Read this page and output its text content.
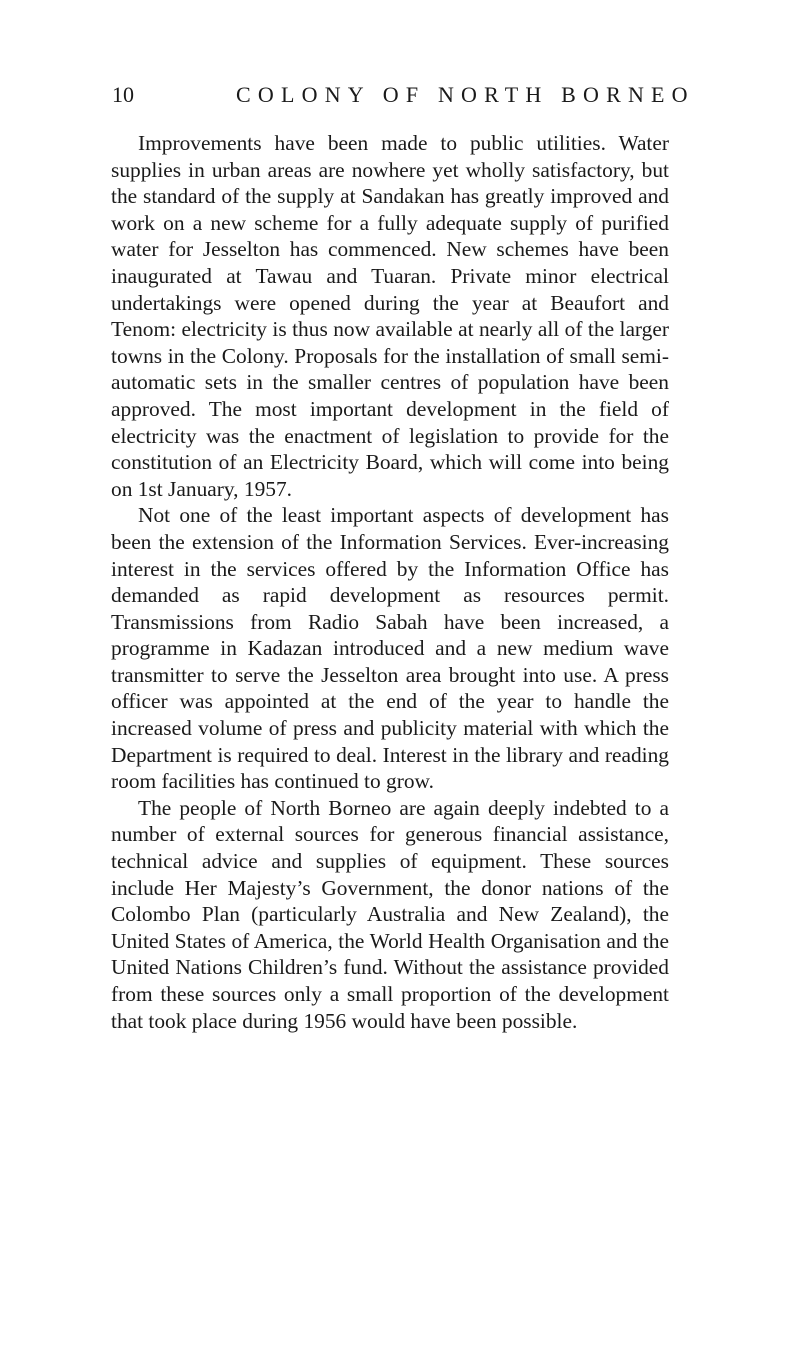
10	COLONY OF NORTH BORNEO

Improvements have been made to public utilities. Water supplies in urban areas are nowhere yet wholly satisfactory, but the standard of the supply at Sandakan has greatly improved and work on a new scheme for a fully adequate supply of purified water for Jesselton has commenced. New schemes have been inaugurated at Tawau and Tuaran. Private minor electrical undertakings were opened during the year at Beaufort and Tenom: electricity is thus now available at nearly all of the larger towns in the Colony. Proposals for the installation of small semi-automatic sets in the smaller centres of population have been approved. The most important development in the field of electricity was the enactment of legislation to provide for the constitution of an Electricity Board, which will come into being on 1st January, 1957.

Not one of the least important aspects of development has been the extension of the Information Services. Ever-increasing interest in the services offered by the Information Office has demanded as rapid development as resources permit. Transmissions from Radio Sabah have been increased, a programme in Kadazan introduced and a new medium wave transmitter to serve the Jesselton area brought into use. A press officer was appointed at the end of the year to handle the increased volume of press and publicity material with which the Department is required to deal. Interest in the library and reading room facilities has continued to grow.

The people of North Borneo are again deeply indebted to a number of external sources for generous financial assistance, technical advice and supplies of equipment. These sources include Her Majesty’s Government, the donor nations of the Colombo Plan (particularly Australia and New Zealand), the United States of America, the World Health Organisation and the United Nations Children’s fund. Without the assistance provided from these sources only a small proportion of the development that took place during 1956 would have been possible.
